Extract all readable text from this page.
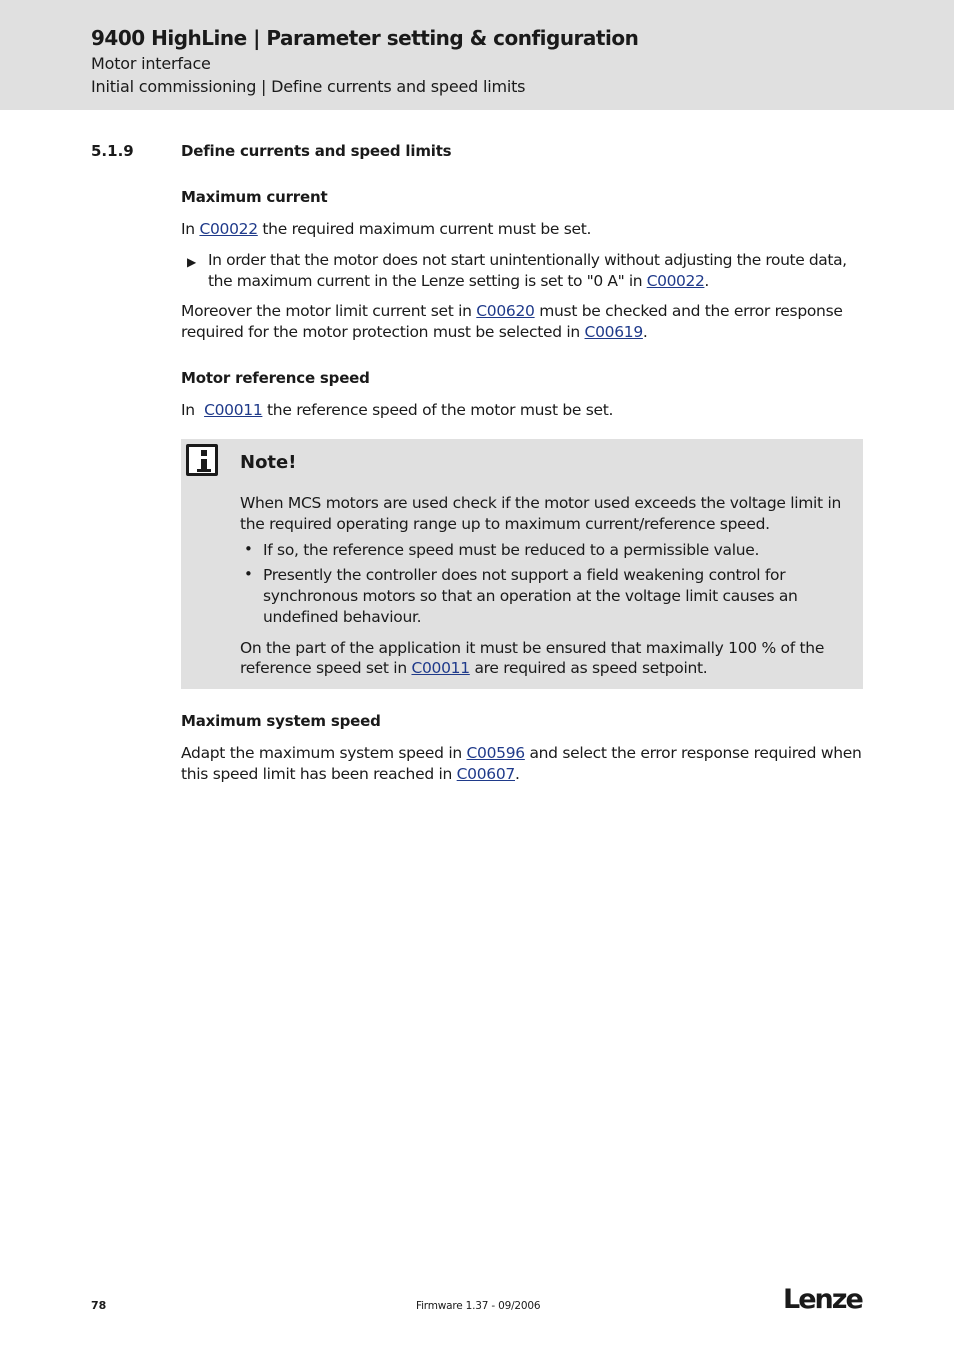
9400 HighLine | Parameter setting & configuration
Motor interface
Initial commissioning | Define currents and speed limits
5.1.9	Define currents and speed limits
Maximum current
In C00022 the required maximum current must be set.
▶ In order that the motor does not start unintentionally without adjusting the route data,
the maximum current in the Lenze setting is set to "0 A" in C00022.
Moreover the motor limit current set in C00620 must be checked and the error response
required for the motor protection must be selected in C00619.
Motor reference speed
In  C00011 the reference speed of the motor must be set.
Note!
When MCS motors are used check if the motor used exceeds the voltage limit in
the required operating range up to maximum current/reference speed.
• If so, the reference speed must be reduced to a permissible value.
• Presently the controller does not support a field weakening control for
synchronous motors so that an operation at the voltage limit causes an
undefined behaviour.
On the part of the application it must be ensured that maximally 100 % of the
reference speed set in C00011 are required as speed setpoint.
Maximum system speed
Adapt the maximum system speed in C00596 and select the error response required when
this speed limit has been reached in C00607.
78	Firmware 1.37 - 09/2006	Lenze
